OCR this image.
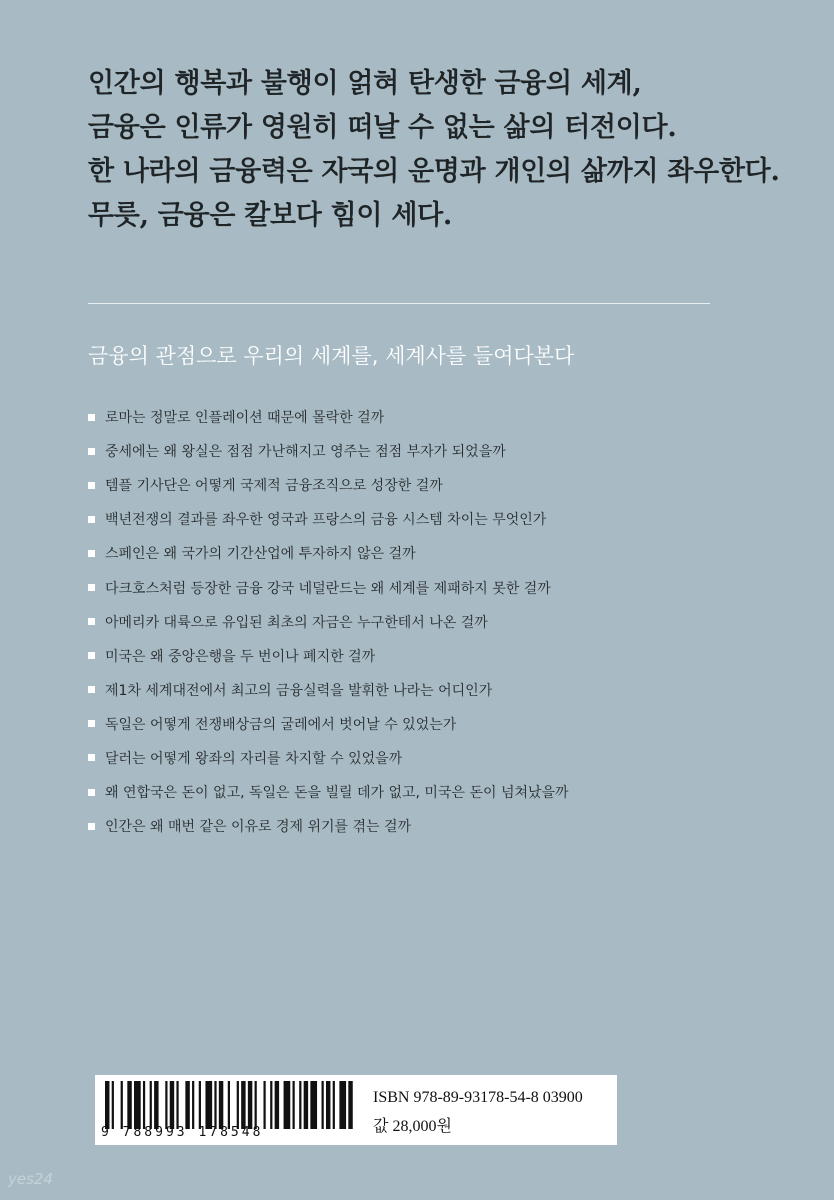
인간의 행복과 불행이 얽혀 탄생한 금융의 세계,
금융은 인류가 영원히 떠날 수 없는 삶의 터전이다.
한 나라의 금융력은 자국의 운명과 개인의 삶까지 좌우한다.
무릇, 금융은 칼보다 힘이 세다.
금융의 관점으로 우리의 세계를, 세계사를 들여다본다
로마는 정말로 인플레이션 때문에 몰락한 걸까
중세에는 왜 왕실은 점점 가난해지고 영주는 점점 부자가 되었을까
템플 기사단은 어떻게 국제적 금융조직으로 성장한 걸까
백년전쟁의 결과를 좌우한 영국과 프랑스의 금융 시스템 차이는 무엇인가
스페인은 왜 국가의 기간산업에 투자하지 않은 걸까
다크호스처럼 등장한 금융 강국 네덜란드는 왜 세계를 제패하지 못한 걸까
아메리카 대륙으로 유입된 최초의 자금은 누구한테서 나온 걸까
미국은 왜 중앙은행을 두 번이나 폐지한 걸까
제1차 세계대전에서 최고의 금융실력을 발휘한 나라는 어디인가
독일은 어떻게 전쟁배상금의 굴레에서 벗어날 수 있었는가
달러는 어떻게 왕좌의 자리를 차지할 수 있었을까
왜 연합국은 돈이 없고, 독일은 돈을 빌릴 데가 없고, 미국은 돈이 넘쳐났을까
인간은 왜 매번 같은 이유로 경제 위기를 겪는 걸까
9 788993 178548
ISBN 978-89-93178-54-8 03900
값 28,000원
yes24
